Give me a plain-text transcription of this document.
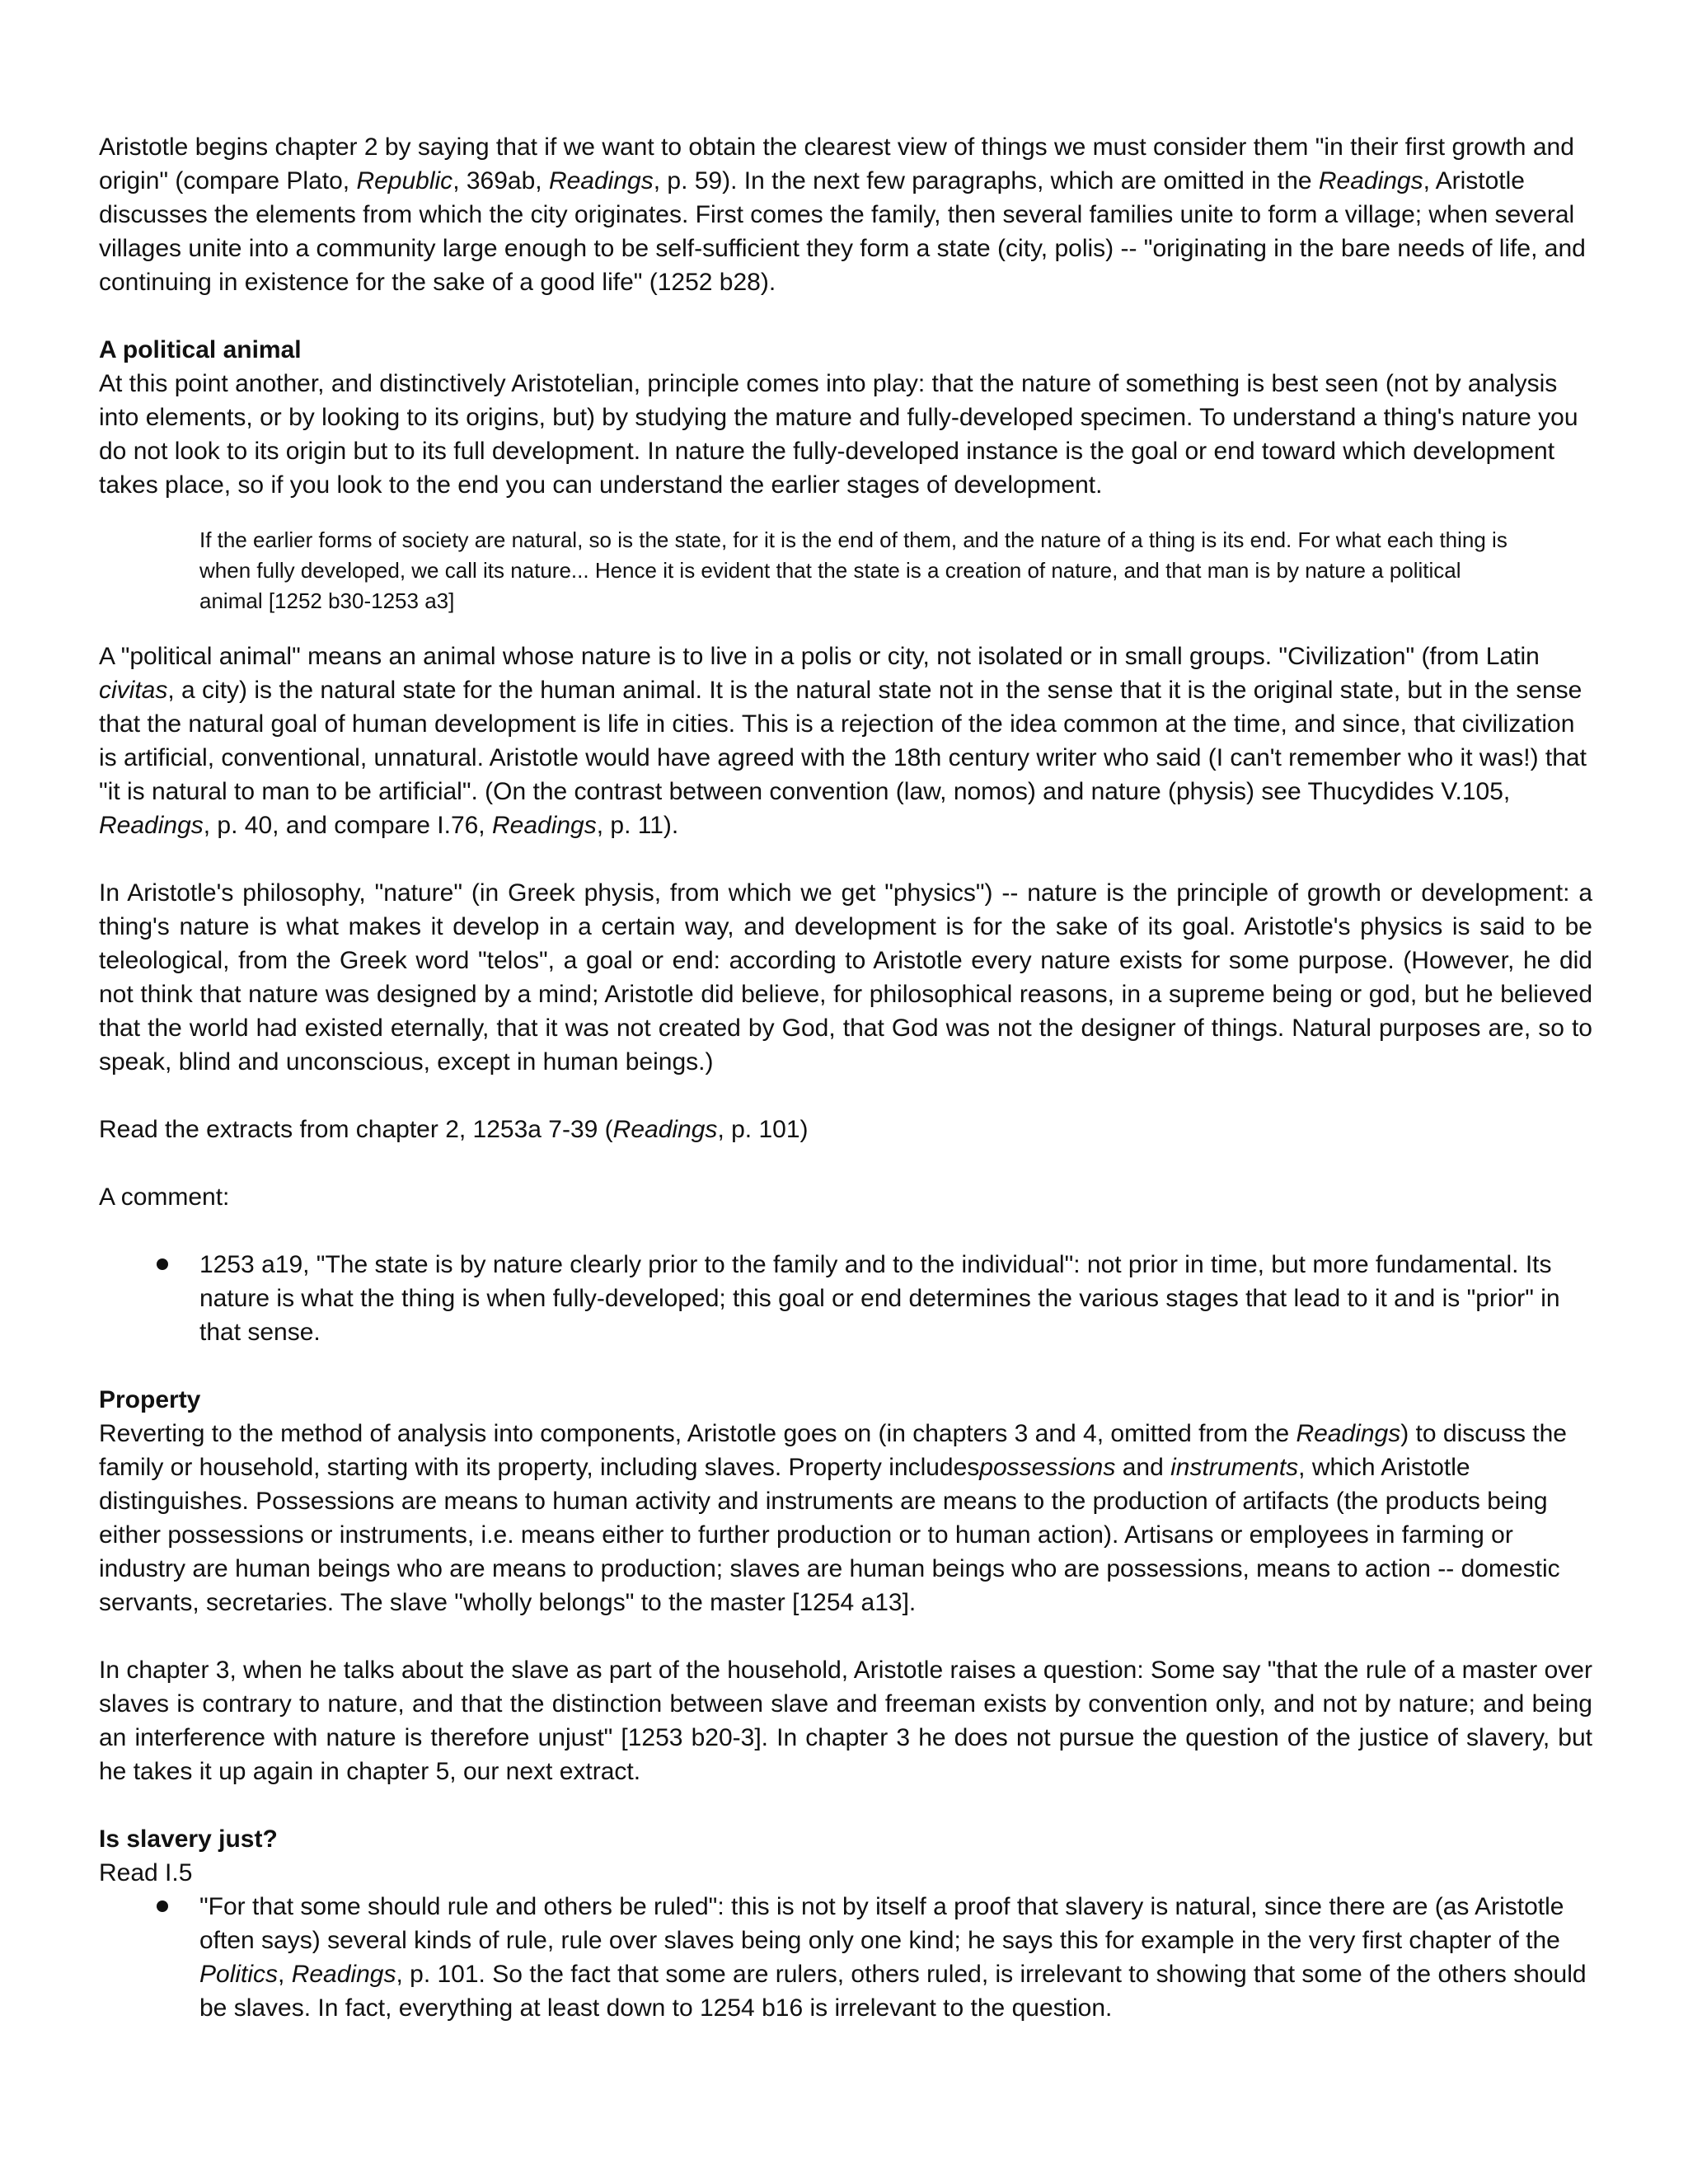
Aristotle begins chapter 2 by saying that if we want to obtain the clearest view of things we must consider them "in their first growth and origin" (compare Plato, Republic, 369ab, Readings, p. 59). In the next few paragraphs, which are omitted in the Readings, Aristotle discusses the elements from which the city originates. First comes the family, then several families unite to form a village; when several villages unite into a community large enough to be self-sufficient they form a state (city, polis) -- "originating in the bare needs of life, and continuing in existence for the sake of a good life" (1252 b28).

A political animal

At this point another, and distinctively Aristotelian, principle comes into play: that the nature of something is best seen (not by analysis into elements, or by looking to its origins, but) by studying the mature and fully-developed specimen. To understand a thing's nature you do not look to its origin but to its full development. In nature the fully-developed instance is the goal or end toward which development takes place, so if you look to the end you can understand the earlier stages of development.

If the earlier forms of society are natural, so is the state, for it is the end of them, and the nature of a thing is its end. For what each thing is when fully developed, we call its nature... Hence it is evident that the state is a creation of nature, and that man is by nature a political animal [1252 b30-1253 a3]

A "political animal" means an animal whose nature is to live in a polis or city, not isolated or in small groups. "Civilization" (from Latin civitas, a city) is the natural state for the human animal. It is the natural state not in the sense that it is the original state, but in the sense that the natural goal of human development is life in cities. This is a rejection of the idea common at the time, and since, that civilization is artificial, conventional, unnatural. Aristotle would have agreed with the 18th century writer who said (I can't remember who it was!) that "it is natural to man to be artificial". (On the contrast between convention (law, nomos) and nature (physis) see Thucydides V.105, Readings, p. 40, and compare I.76, Readings, p. 11).

In Aristotle's philosophy, "nature" (in Greek physis, from which we get "physics") -- nature is the principle of growth or development: a thing's nature is what makes it develop in a certain way, and development is for the sake of its goal. Aristotle's physics is said to be teleological, from the Greek word "telos", a goal or end: according to Aristotle every nature exists for some purpose. (However, he did not think that nature was designed by a mind; Aristotle did believe, for philosophical reasons, in a supreme being or god, but he believed that the world had existed eternally, that it was not created by God, that God was not the designer of things. Natural purposes are, so to speak, blind and unconscious, except in human beings.)

Read the extracts from chapter 2, 1253a 7-39 (Readings, p. 101)

A comment:

1253 a19, "The state is by nature clearly prior to the family and to the individual": not prior in time, but more fundamental. Its nature is what the thing is when fully-developed; this goal or end determines the various stages that lead to it and is "prior" in that sense.
Property

Reverting to the method of analysis into components, Aristotle goes on (in chapters 3 and 4, omitted from the Readings) to discuss the family or household, starting with its property, including slaves. Property includespossessions and instruments, which Aristotle distinguishes. Possessions are means to human activity and instruments are means to the production of artifacts (the products being either possessions or instruments, i.e. means either to further production or to human action). Artisans or employees in farming or industry are human beings who are means to production; slaves are human beings who are possessions, means to action -- domestic servants, secretaries. The slave "wholly belongs" to the master [1254 a13].

In chapter 3, when he talks about the slave as part of the household, Aristotle raises a question: Some say "that the rule of a master over slaves is contrary to nature, and that the distinction between slave and freeman exists by convention only, and not by nature; and being an interference with nature is therefore unjust" [1253 b20-3]. In chapter 3 he does not pursue the question of the justice of slavery, but he takes it up again in chapter 5, our next extract.

Is slavery just?

Read I.5

"For that some should rule and others be ruled": this is not by itself a proof that slavery is natural, since there are (as Aristotle often says) several kinds of rule, rule over slaves being only one kind; he says this for example in the very first chapter of the Politics, Readings, p. 101. So the fact that some are rulers, others ruled, is irrelevant to showing that some of the others should be slaves. In fact, everything at least down to 1254 b16 is irrelevant to the question.
